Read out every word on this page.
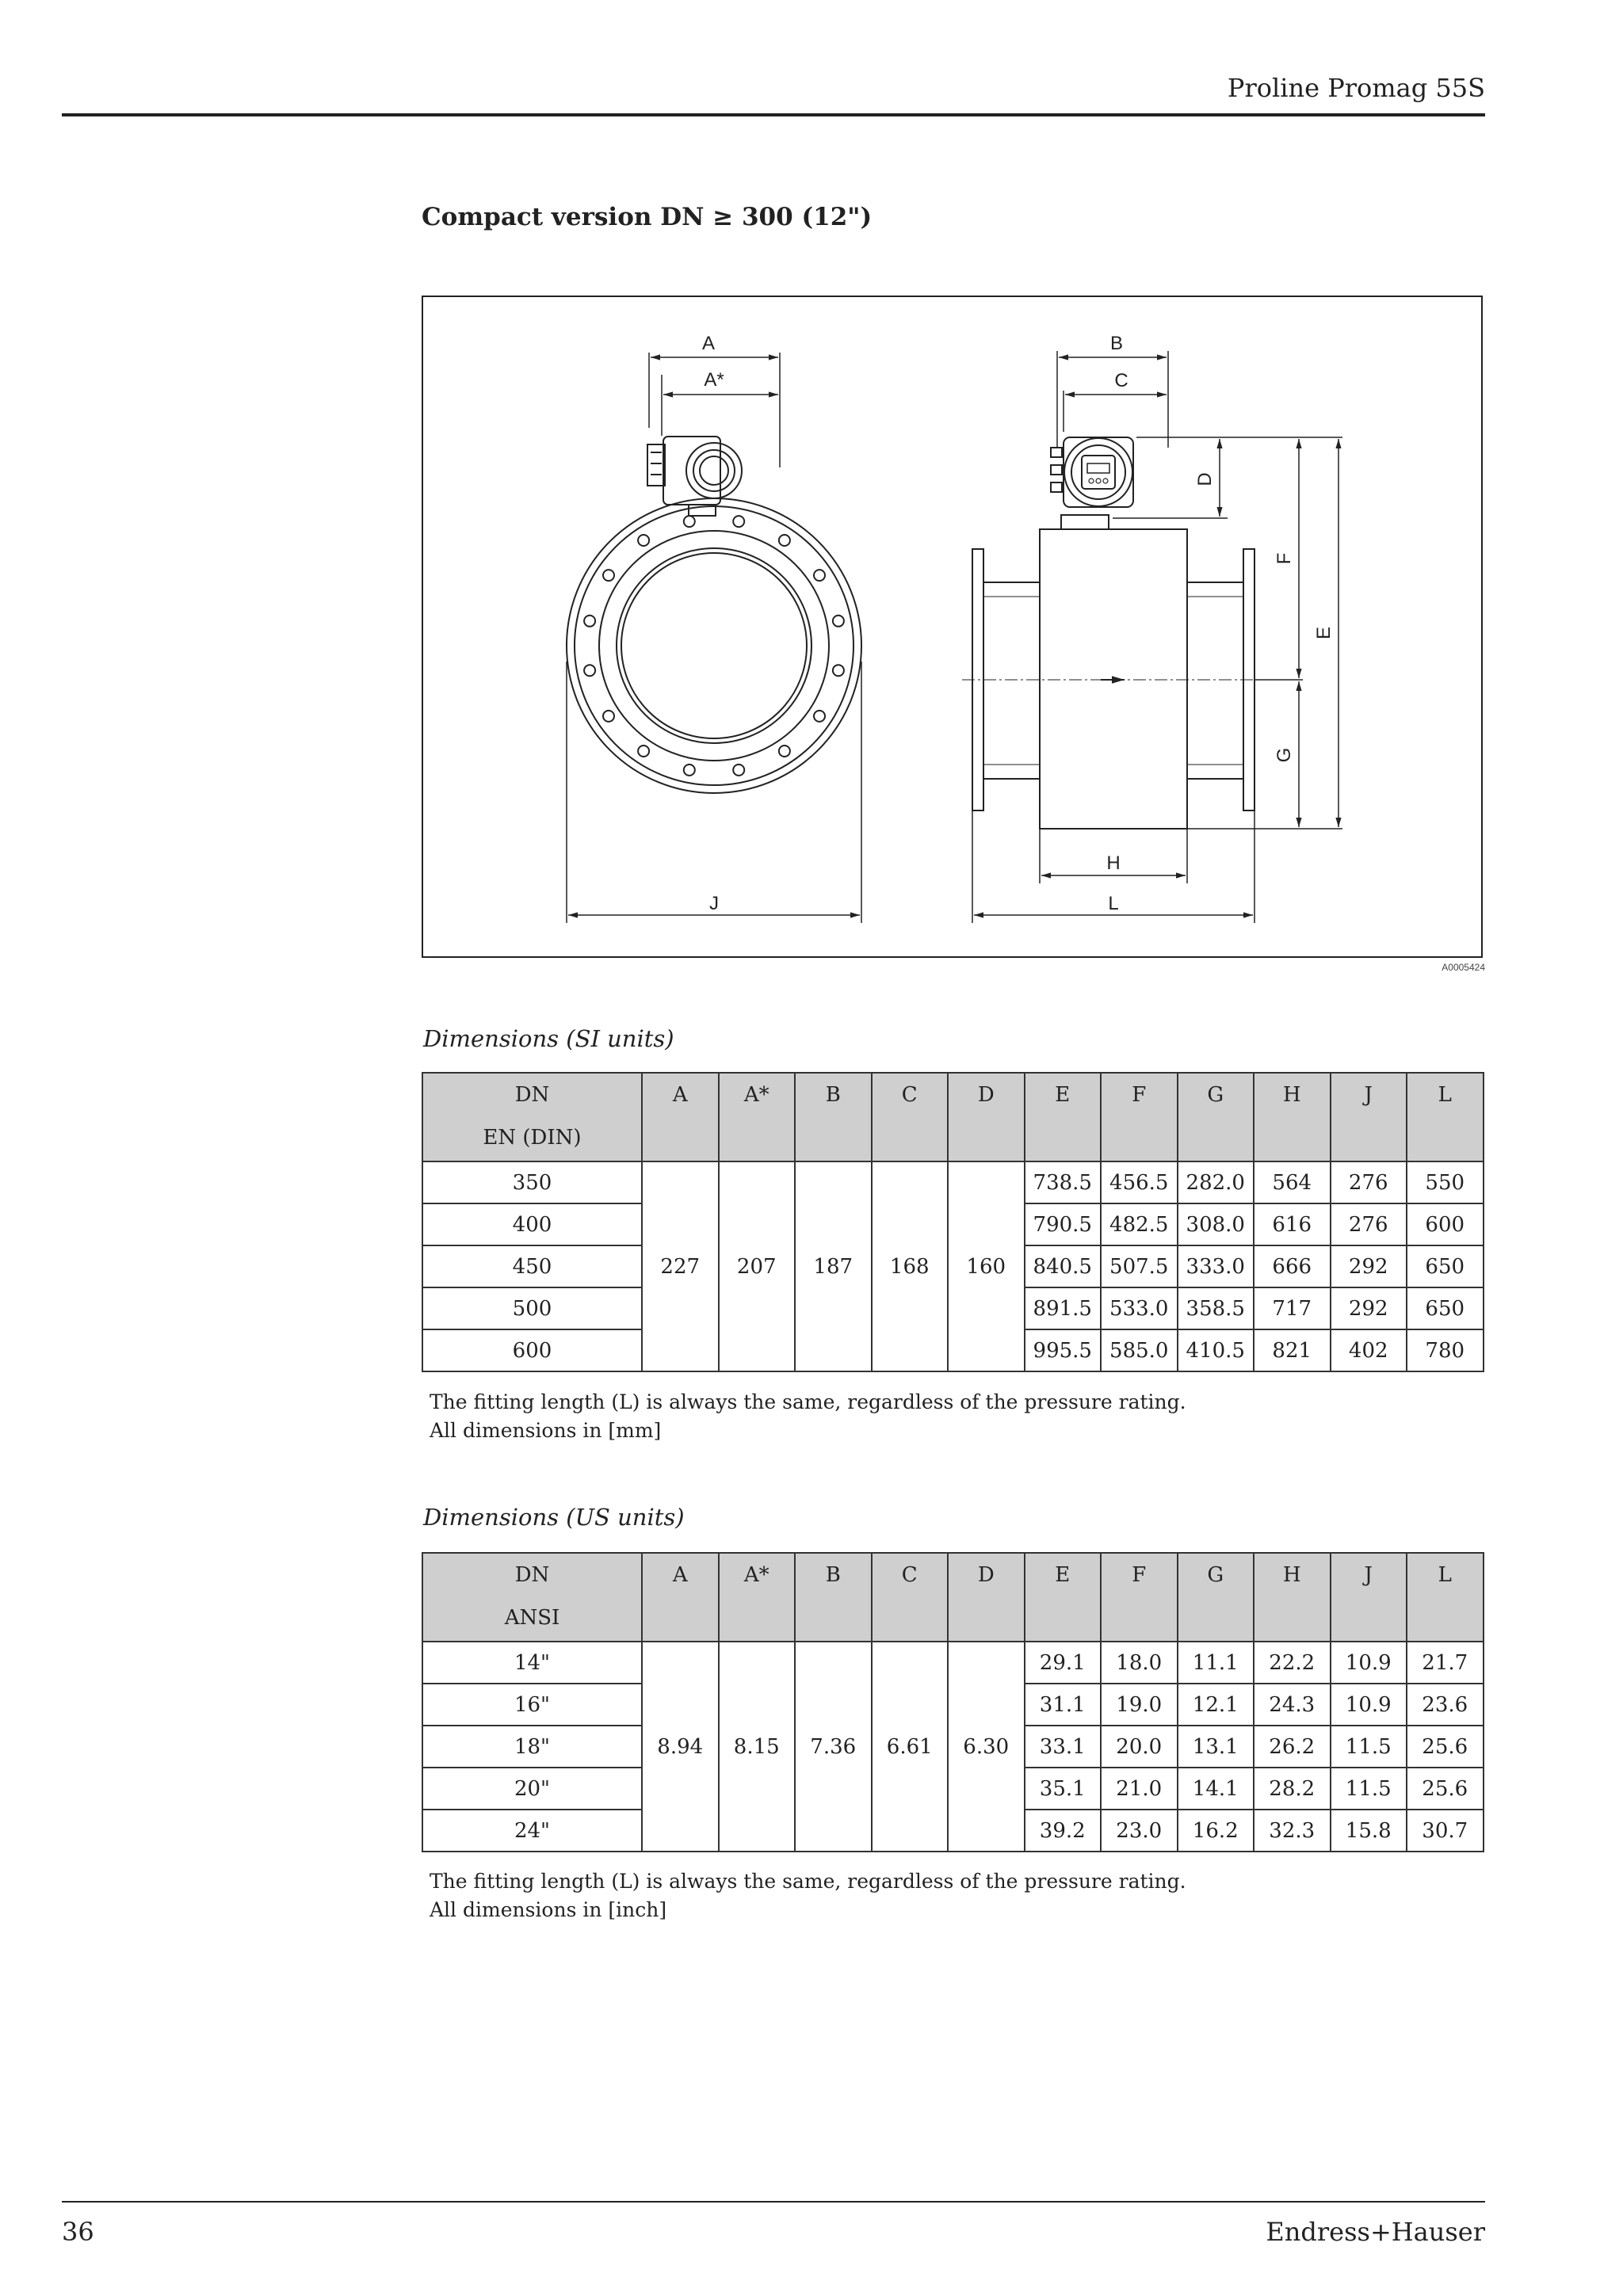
Proline Promag 55S
Compact version DN ≥ 300 (12")
A
A*
J
B
C
D
F
G
E
H
L
A0005424
Dimensions (SI units)
DN
EN (DIN)	A	A*	B	C	D	E	F	G	H	J	L

350	227	207	187	168	160	738.5	456.5	282.0	564	276	550
400						790.5	482.5	308.0	616	276	600
450						840.5	507.5	333.0	666	292	650
500						891.5	533.0	358.5	717	292	650
600						995.5	585.0	410.5	821	402	780
The fitting length (L) is always the same, regardless of the pressure rating.
All dimensions in [mm]
Dimensions (US units)
DN
ANSI	A	A*	B	C	D	E	F	G	H	J	L

14"	8.94	8.15	7.36	6.61	6.30	29.1	18.0	11.1	22.2	10.9	21.7
16"						31.1	19.0	12.1	24.3	10.9	23.6
18"						33.1	20.0	13.1	26.2	11.5	25.6
20"						35.1	21.0	14.1	28.2	11.5	25.6
24"						39.2	23.0	16.2	32.3	15.8	30.7
The fitting length (L) is always the same, regardless of the pressure rating.
All dimensions in [inch]
36	Endress+Hauser
